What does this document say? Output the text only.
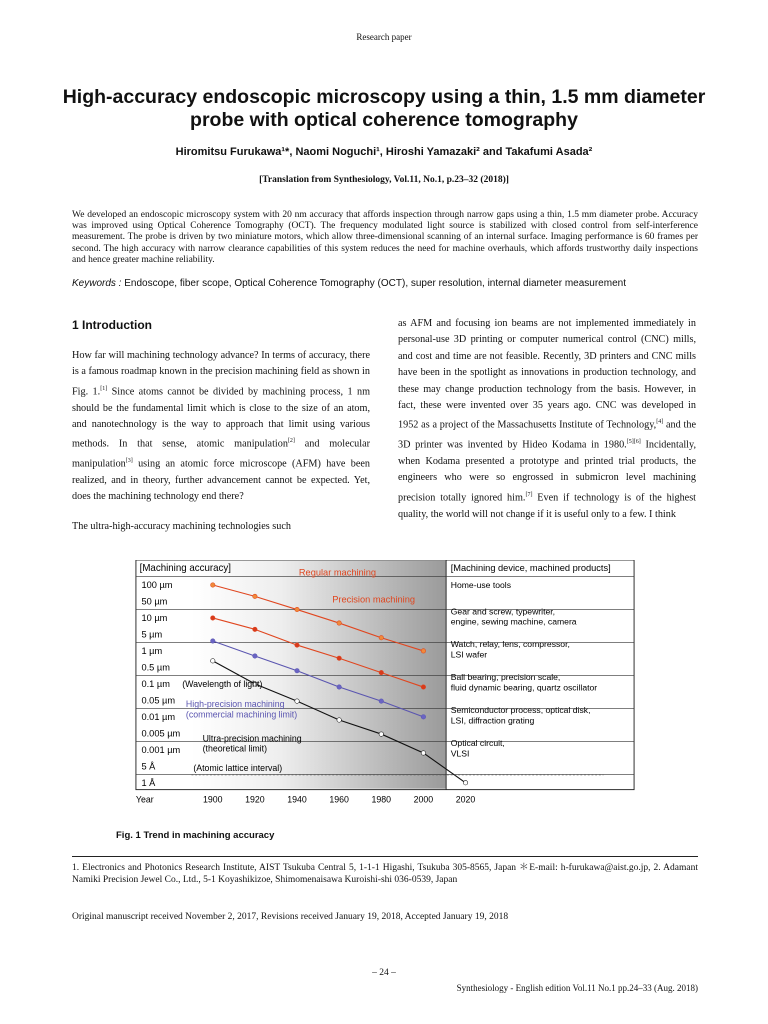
Research paper
High-accuracy endoscopic microscopy using a thin, 1.5 mm diameter probe with optical coherence tomography
Hiromitsu Furukawa¹*, Naomi Noguchi¹, Hiroshi Yamazaki² and Takafumi Asada²
[Translation from Synthesiology, Vol.11, No.1, p.23–32 (2018)]
We developed an endoscopic microscopy system with 20 nm accuracy that affords inspection through narrow gaps using a thin, 1.5 mm diameter probe. Accuracy was improved using Optical Coherence Tomography (OCT). The frequency modulated light source is stabilized with closed control from self-interference measurement. The probe is driven by two miniature motors, which allow three-dimensional scanning of an internal surface. Imaging performance is 60 frames per second. The high accuracy with narrow clearance capabilities of this system reduces the need for machine overhauls, which affords trustworthy daily inspections and hence greater machine reliability.
Keywords : Endoscope, fiber scope, Optical Coherence Tomography (OCT), super resolution, internal diameter measurement
1 Introduction

How far will machining technology advance? In terms of accuracy, there is a famous roadmap known in the precision machining field as shown in Fig. 1.[1] Since atoms cannot be divided by machining process, 1 nm should be the fundamental limit which is close to the size of an atom, and nanotechnology is the way to approach that limit using various methods. In that sense, atomic manipulation[2] and molecular manipulation[3] using an atomic force microscope (AFM) have been realized, and in theory, further advancement cannot be expected. Yet, does the machining technology end there?

The ultra-high-accuracy machining technologies such

as AFM and focusing ion beams are not implemented immediately in personal-use 3D printing or computer numerical control (CNC) mills, and cost and time are not feasible. Recently, 3D printers and CNC mills have been in the spotlight as innovations in production technology, and these may change production technology from the basis. However, in fact, these were invented over 35 years ago. CNC was developed in 1952 as a project of the Massachusetts Institute of Technology,[4] and the 3D printer was invented by Hideo Kodama in 1980.[5][6] Incidentally, when Kodama presented a prototype and printed trial products, the engineers who were so engrossed in submicron level machining precision totally ignored him.[7] Even if technology is of the highest quality, the world will not change if it is useful only to a few. I think

100 µm
50 µm
10 µm
5 µm
1 µm
0.5 µm
0.1 µm
0.05 µm
0.01 µm
0.005 µm
0.001 µm
5 Å
1 Å
Home-use tools
Gear and screw, typewriter,
engine, sewing machine, camera
Watch, relay, lens, compressor,
LSI wafer
Ball bearing, precision scale,
fluid dynamic bearing, quartz oscillator
Semiconductor process, optical disk,
LSI, diffraction grating
Optical circuit,
VLSI
Year	1900 1920 1940 1960 1980 2000 2020
[Machining accuracy]	[Machining device, machined products]
(Wavelength of light)
(Atomic lattice interval)
Regular machining
Precision machining
High-precision machining
(commercial machining limit)
Ultra-precision machining
(theoretical limit)
Fig. 1 Trend in machining accuracy
1. Electronics and Photonics Research Institute, AIST Tsukuba Central 5, 1-1-1 Higashi, Tsukuba 305-8565, Japan ＊E-mail: h-furukawa@aist.go.jp, 2. Adamant Namiki Precision Jewel Co., Ltd., 5-1 Koyashikizoe, Shimomenaisawa Kuroishi-shi 036-0539, Japan
Original manuscript received November 2, 2017, Revisions received January 19, 2018, Accepted January 19, 2018
– 24 –
Synthesiology - English edition Vol.11 No.1 pp.24–33 (Aug. 2018)
